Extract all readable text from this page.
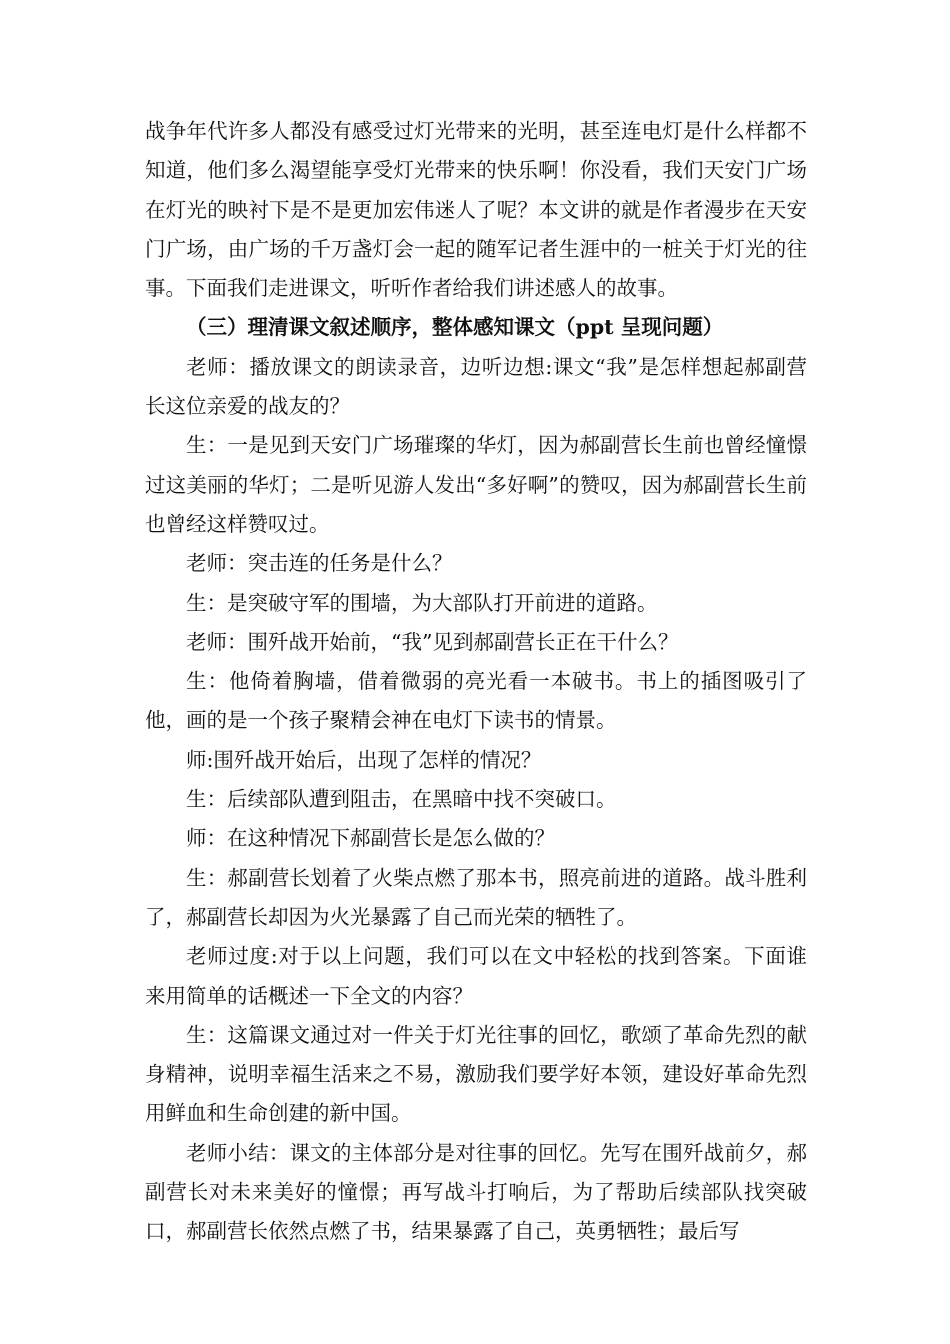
战争年代许多人都没有感受过灯光带来的光明，甚至连电灯是什么样都不知道，他们多么渴望能享受灯光带来的快乐啊！你没看，我们天安门广场在灯光的映衬下是不是更加宏伟迷人了呢？本文讲的就是作者漫步在天安门广场，由广场的千万盏灯会一起的随军记者生涯中的一桩关于灯光的往事。下面我们走进课文，听听作者给我们讲述感人的故事。

（三）理清课文叙述顺序，整体感知课文（ppt 呈现问题）

老师：播放课文的朗读录音，边听边想:课文“我”是怎样想起郝副营长这位亲爱的战友的？

生：一是见到天安门广场璀璨的华灯，因为郝副营长生前也曾经憧憬过这美丽的华灯；二是听见游人发出“多好啊”的赞叹，因为郝副营长生前也曾经这样赞叹过。

老师：突击连的任务是什么？

生：是突破守军的围墙，为大部队打开前进的道路。

老师：围歼战开始前，“我”见到郝副营长正在干什么？

生：他倚着胸墙，借着微弱的亮光看一本破书。书上的插图吸引了他，画的是一个孩子聚精会神在电灯下读书的情景。

师:围歼战开始后，出现了怎样的情况？

生：后续部队遭到阻击，在黑暗中找不突破口。

师：在这种情况下郝副营长是怎么做的？

生：郝副营长划着了火柴点燃了那本书，照亮前进的道路。战斗胜利了，郝副营长却因为火光暴露了自己而光荣的牺牲了。

老师过度:对于以上问题，我们可以在文中轻松的找到答案。下面谁来用简单的话概述一下全文的内容？

生：这篇课文通过对一件关于灯光往事的回忆，歌颂了革命先烈的献身精神，说明幸福生活来之不易，激励我们要学好本领，建设好革命先烈用鲜血和生命创建的新中国。

老师小结：课文的主体部分是对往事的回忆。先写在围歼战前夕，郝副营长对未来美好的憧憬；再写战斗打响后，为了帮助后续部队找突破口，郝副营长依然点燃了书，结果暴露了自己，英勇牺牲；最后写
